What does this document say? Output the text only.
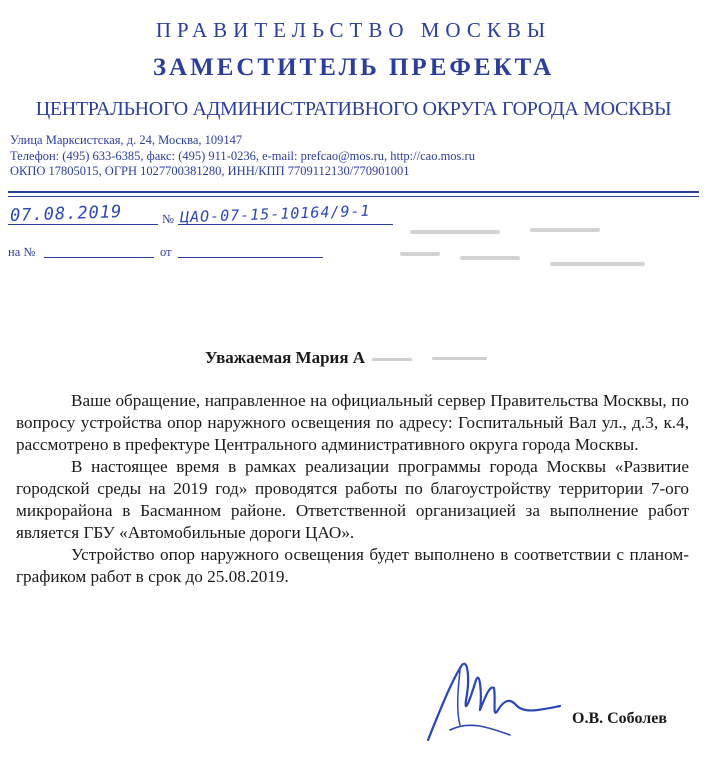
ПРАВИТЕЛЬСТВО МОСКВЫ
ЗАМЕСТИТЕЛЬ ПРЕФЕКТА
ЦЕНТРАЛЬНОГО АДМИНИСТРАТИВНОГО ОКРУГА ГОРОДА МОСКВЫ
Улица Марксистская, д. 24, Москва, 109147
Телефон: (495) 633-6385, факс: (495) 911-0236, e-mail: prefcao@mos.ru, http://cao.mos.ru
ОКПО 17805015, ОГРН 1027700381280, ИНН/КПП 7709112130/770901001
07.08.2019	№ ЦАО-07-15-10164/9-1
на №	от
Уважаемая Мария А

Ваше обращение, направленное на официальный сервер Правительства Москвы, по вопросу устройства опор наружного освещения по адресу: Госпитальный Вал ул., д.3, к.4, рассмотрено в префектуре Центрального административного округа города Москвы.

В настоящее время в рамках реализации программы города Москвы «Развитие городской среды на 2019 год» проводятся работы по благоустройству территории 7-ого микрорайона в Басманном районе. Ответственной организацией за выполнение работ является ГБУ «Автомобильные дороги ЦАО».

Устройство опор наружного освещения будет выполнено в соответствии с планом-графиком работ в срок до 25.08.2019.

О.В. Соболев
